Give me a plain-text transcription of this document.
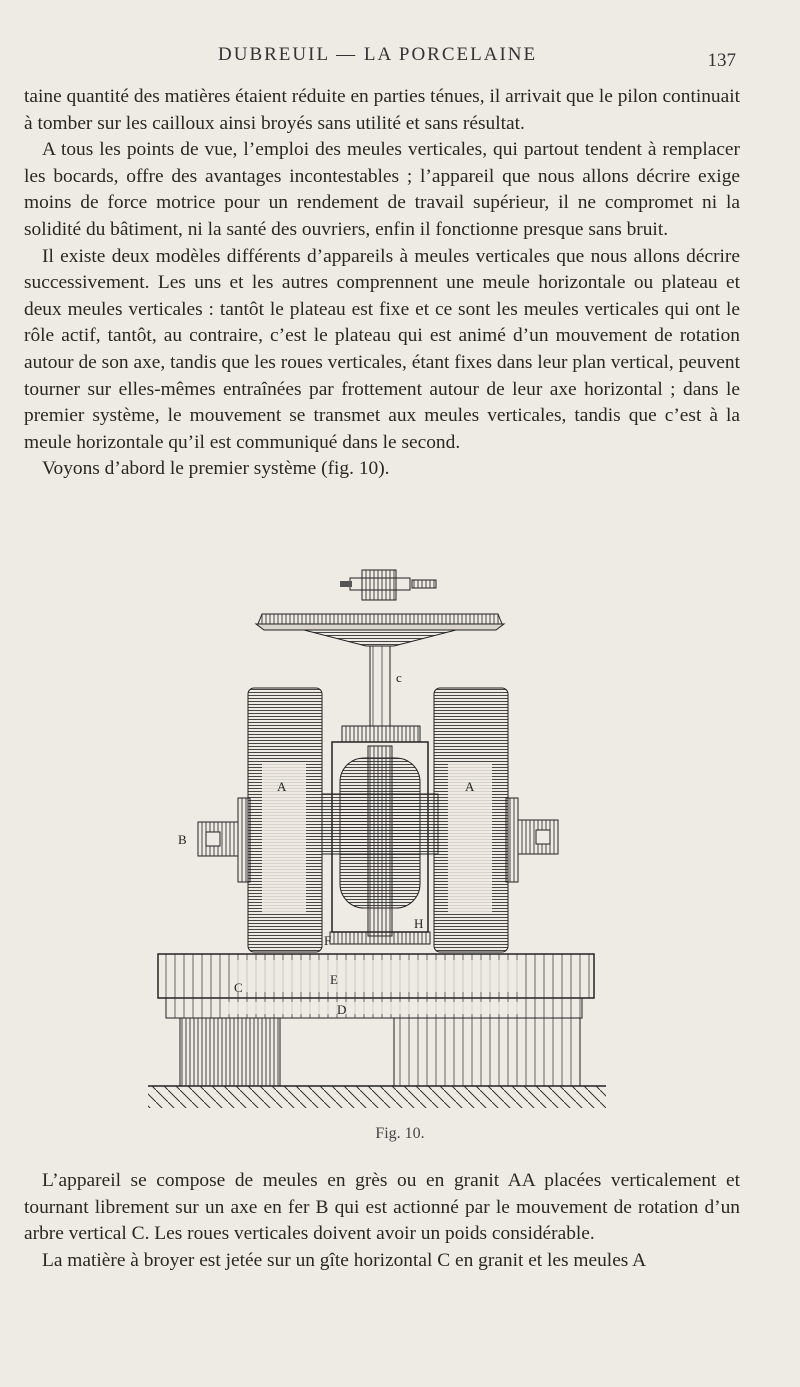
DUBREUIL — LA PORCELAINE	137

taine quantité des matières étaient réduite en parties ténues, il arrivait que le pilon continuait à tomber sur les cailloux ainsi broyés sans utilité et sans résultat.

A tous les points de vue, l’emploi des meules verticales, qui partout tendent à remplacer les bocards, offre des avantages incontestables ; l’appareil que nous allons décrire exige moins de force motrice pour un rendement de travail supérieur, il ne compromet ni la solidité du bâtiment, ni la santé des ouvriers, enfin il fonctionne presque sans bruit.

Il existe deux modèles différents d’appareils à meules verticales que nous allons décrire successivement. Les uns et les autres comprennent une meule horizontale ou plateau et deux meules verticales : tantôt le plateau est fixe et ce sont les meules verticales qui ont le rôle actif, tantôt, au contraire, c’est le plateau qui est animé d’un mouvement de rotation autour de son axe, tandis que les roues verticales, étant fixes dans leur plan vertical, peuvent tourner sur elles-mêmes entraînées par frottement autour de leur axe horizontal ; dans le premier système, le mouvement se transmet aux meules verticales, tandis que c’est à la meule horizontale qu’il est communiqué dans le second.

Voyons d’abord le premier système (fig. 10).

c
A	A
B
F
H
E
C
D
Fig. 10.

L’appareil se compose de meules en grès ou en granit AA placées verticalement et tournant librement sur un axe en fer B qui est actionné par le mouvement de rotation d’un arbre vertical C. Les roues verticales doivent avoir un poids considérable.

La matière à broyer est jetée sur un gîte horizontal C en granit et les meules A
